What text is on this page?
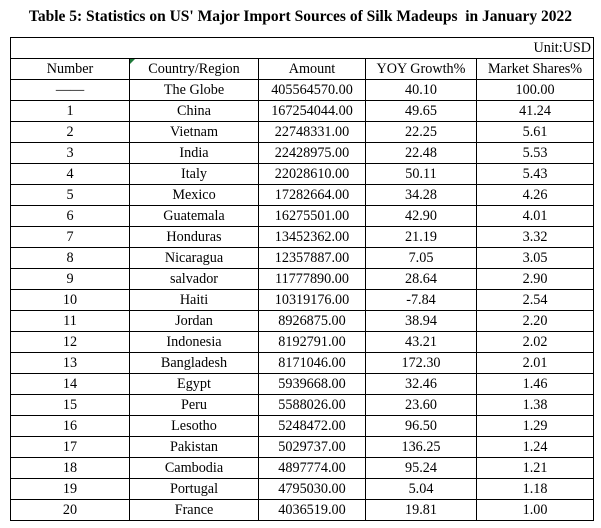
Table 5: Statistics on US' Major Import Sources of Silk Madeups  in January 2022
Unit:USD				
Number	Country/Region	Amount	YOY Growth%	Market Shares%
——	The Globe	405564570.00	40.10	100.00
1	China	167254044.00	49.65	41.24
2	Vietnam	22748331.00	22.25	5.61
3	India	22428975.00	22.48	5.53
4	Italy	22028610.00	50.11	5.43
5	Mexico	17282664.00	34.28	4.26
6	Guatemala	16275501.00	42.90	4.01
7	Honduras	13452362.00	21.19	3.32
8	Nicaragua	12357887.00	7.05	3.05
9	salvador	11777890.00	28.64	2.90
10	Haiti	10319176.00	-7.84	2.54
11	Jordan	8926875.00	38.94	2.20
12	Indonesia	8192791.00	43.21	2.02
13	Bangladesh	8171046.00	172.30	2.01
14	Egypt	5939668.00	32.46	1.46
15	Peru	5588026.00	23.60	1.38
16	Lesotho	5248472.00	96.50	1.29
17	Pakistan	5029737.00	136.25	1.24
18	Cambodia	4897774.00	95.24	1.21
19	Portugal	4795030.00	5.04	1.18
20	France	4036519.00	19.81	1.00
